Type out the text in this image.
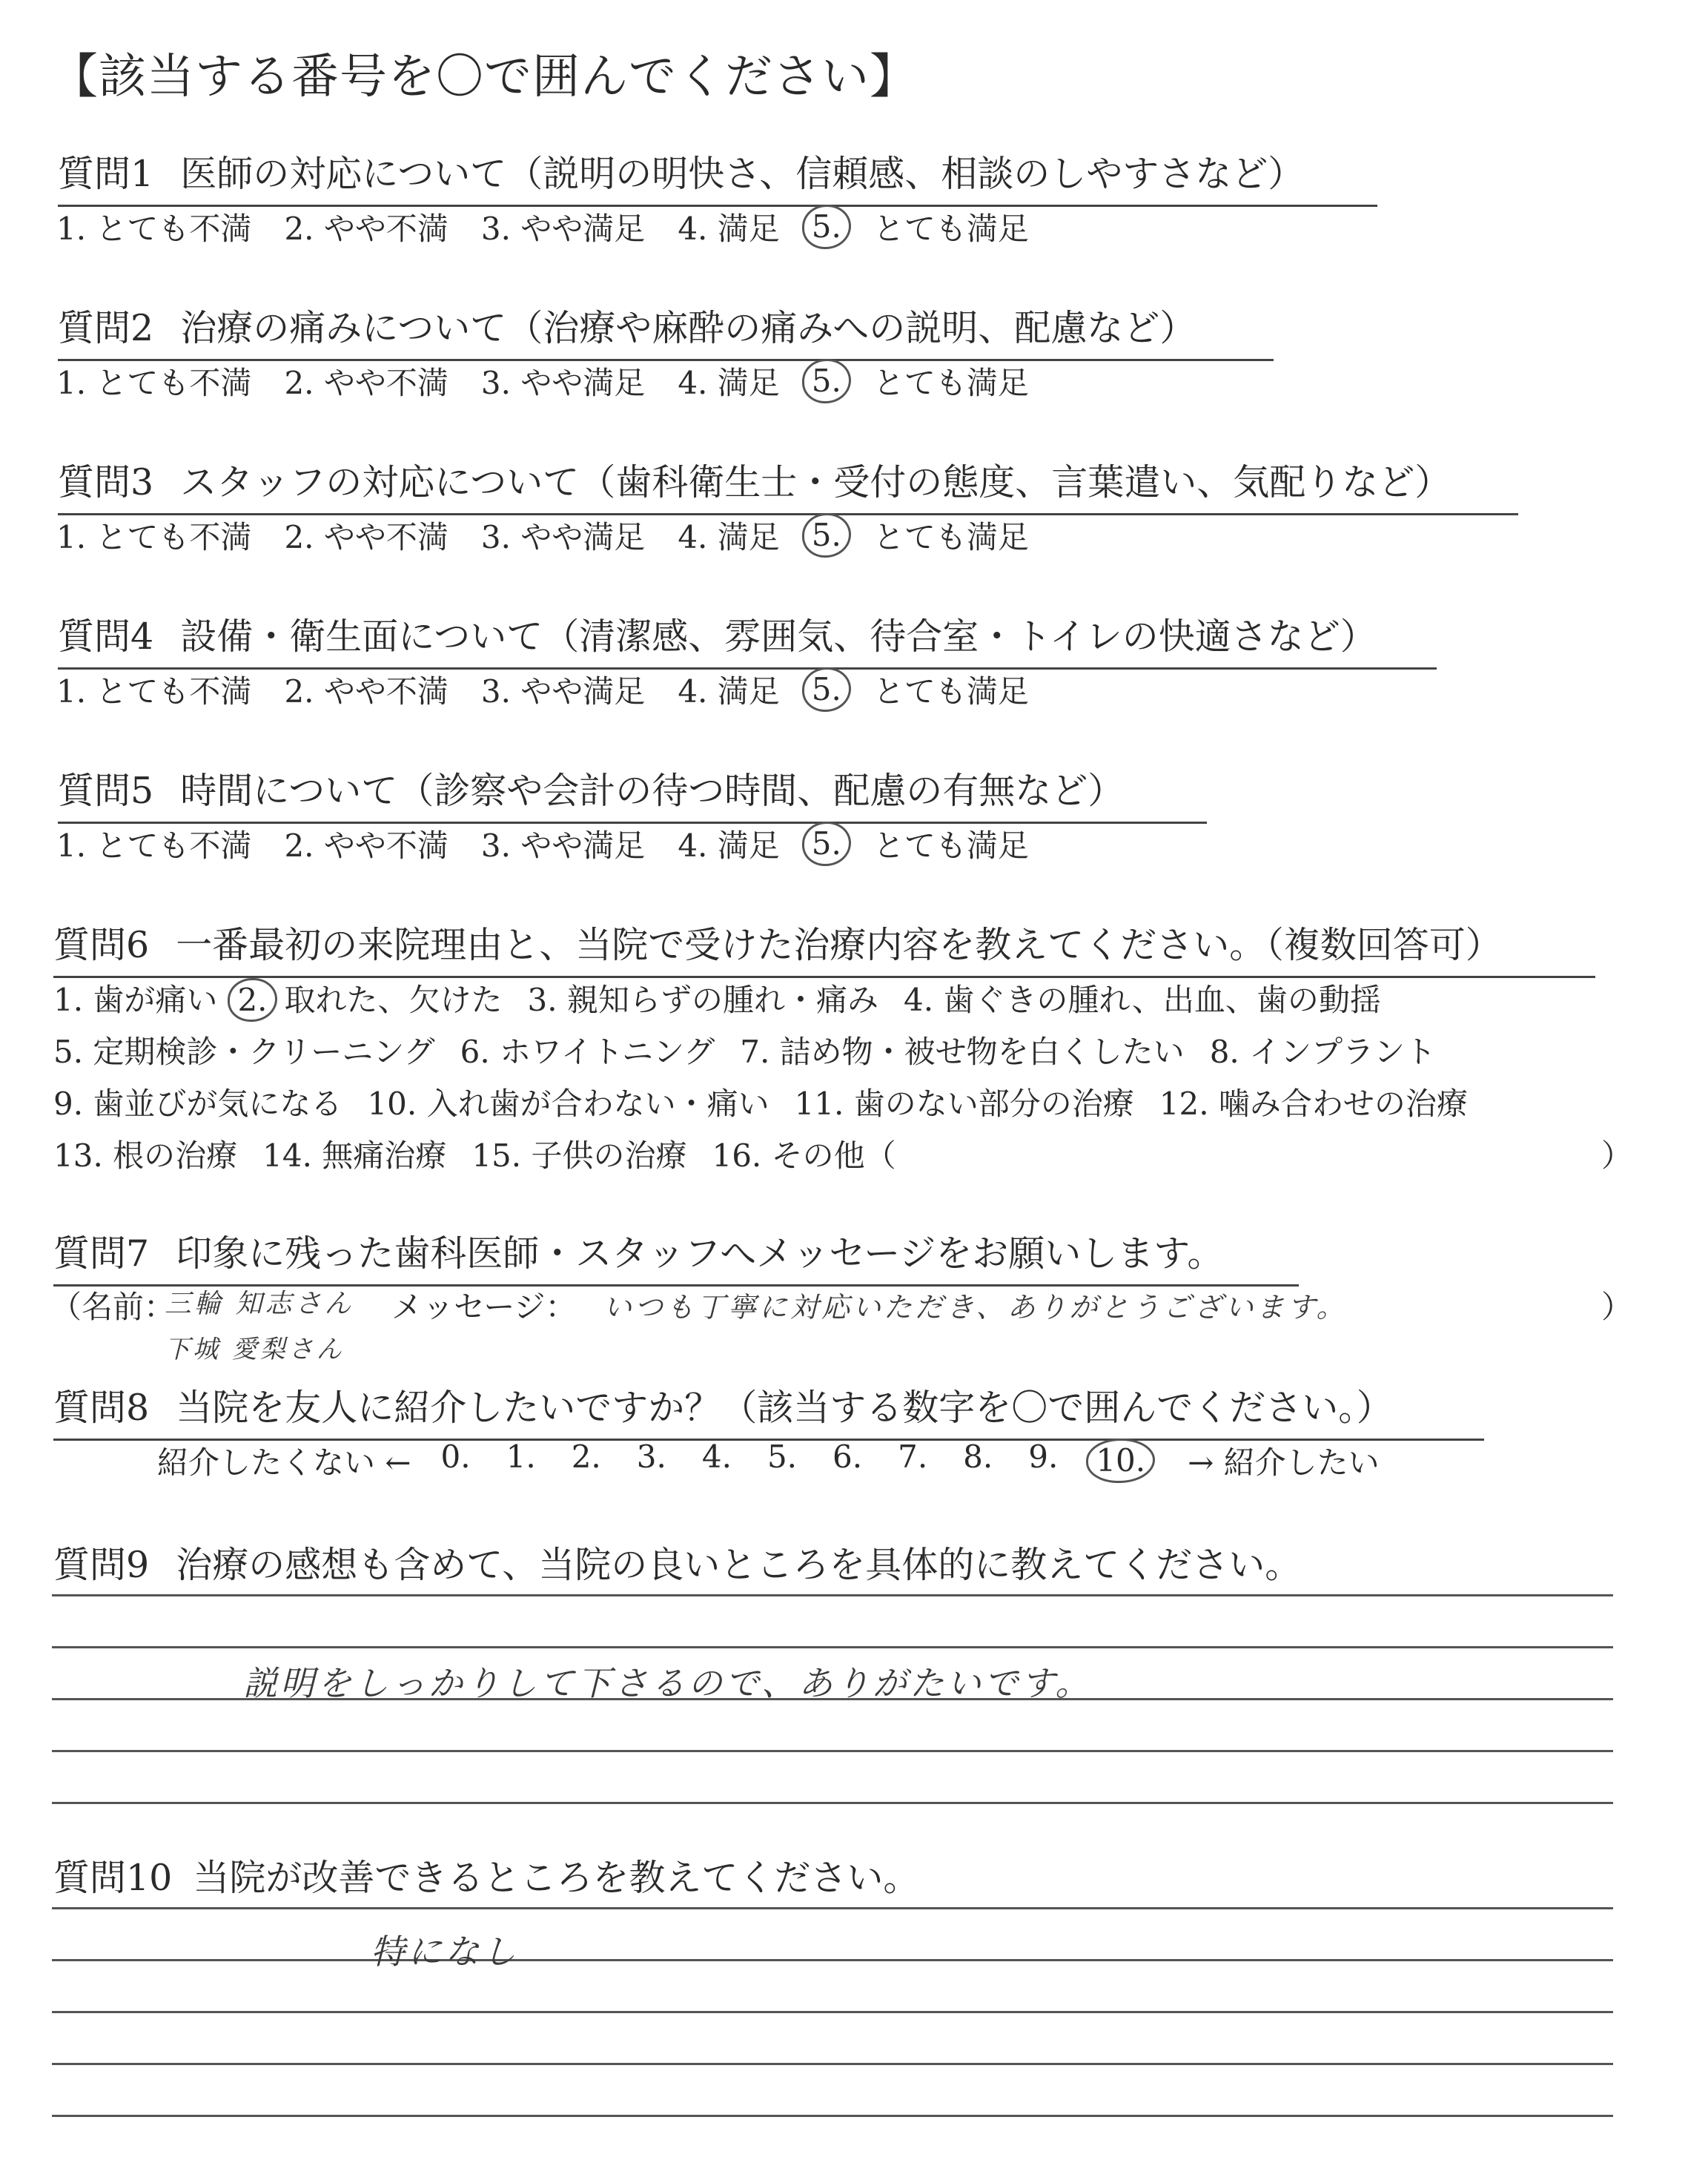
【該当する番号を〇で囲んでください】
質問1 医師の対応について（説明の明快さ、信頼感、相談のしやすさなど）
1. とても不満 2. やや不満 3. やや満足 4. 満足	5.	とても満足
質問2 治療の痛みについて（治療や麻酔の痛みへの説明、配慮など）
1. とても不満 2. やや不満 3. やや満足 4. 満足	5.	とても満足
質問3 スタッフの対応について（歯科衛生士・受付の態度、言葉遣い、気配りなど）
1. とても不満 2. やや不満 3. やや満足 4. 満足	5.	とても満足
質問4 設備・衛生面について（清潔感、雰囲気、待合室・トイレの快適さなど）
1. とても不満 2. やや不満 3. やや満足 4. 満足	5.	とても満足
質問5 時間について（診察や会計の待つ時間、配慮の有無など）
1. とても不満 2. やや不満 3. やや満足 4. 満足	5.	とても満足
質問6 一番最初の来院理由と、当院で受けた治療内容を教えてください。（複数回答可）
1. 歯が痛い 2. 取れた、欠けた 3. 親知らずの腫れ・痛み 4. 歯ぐきの腫れ、出血、歯の動揺
5. 定期検診・クリーニング 6. ホワイトニング 7. 詰め物・被せ物を白くしたい 8. インプラント
9. 歯並びが気になる 10. 入れ歯が合わない・痛い 11. 歯のない部分の治療 12. 噛み合わせの治療
13. 根の治療 14. 無痛治療 15. 子供の治療 16. その他（	）
質問7 印象に残った歯科医師・スタッフへメッセージをお願いします。
（名前：
三輪 知志さん
下城 愛梨さん
メッセージ： いつも丁寧に対応いただき、ありがとうございます。	）
質問8 当院を友人に紹介したいですか？（該当する数字を〇で囲んでください。）
紹介したくない ← 0. 1. 2. 3. 4. 5. 6. 7. 8. 9.	10.	→ 紹介したい
質問9 治療の感想も含めて、当院の良いところを具体的に教えてください。
説明をしっかりして下さるので、ありがたいです。
質問10 当院が改善できるところを教えてください。
特になし
